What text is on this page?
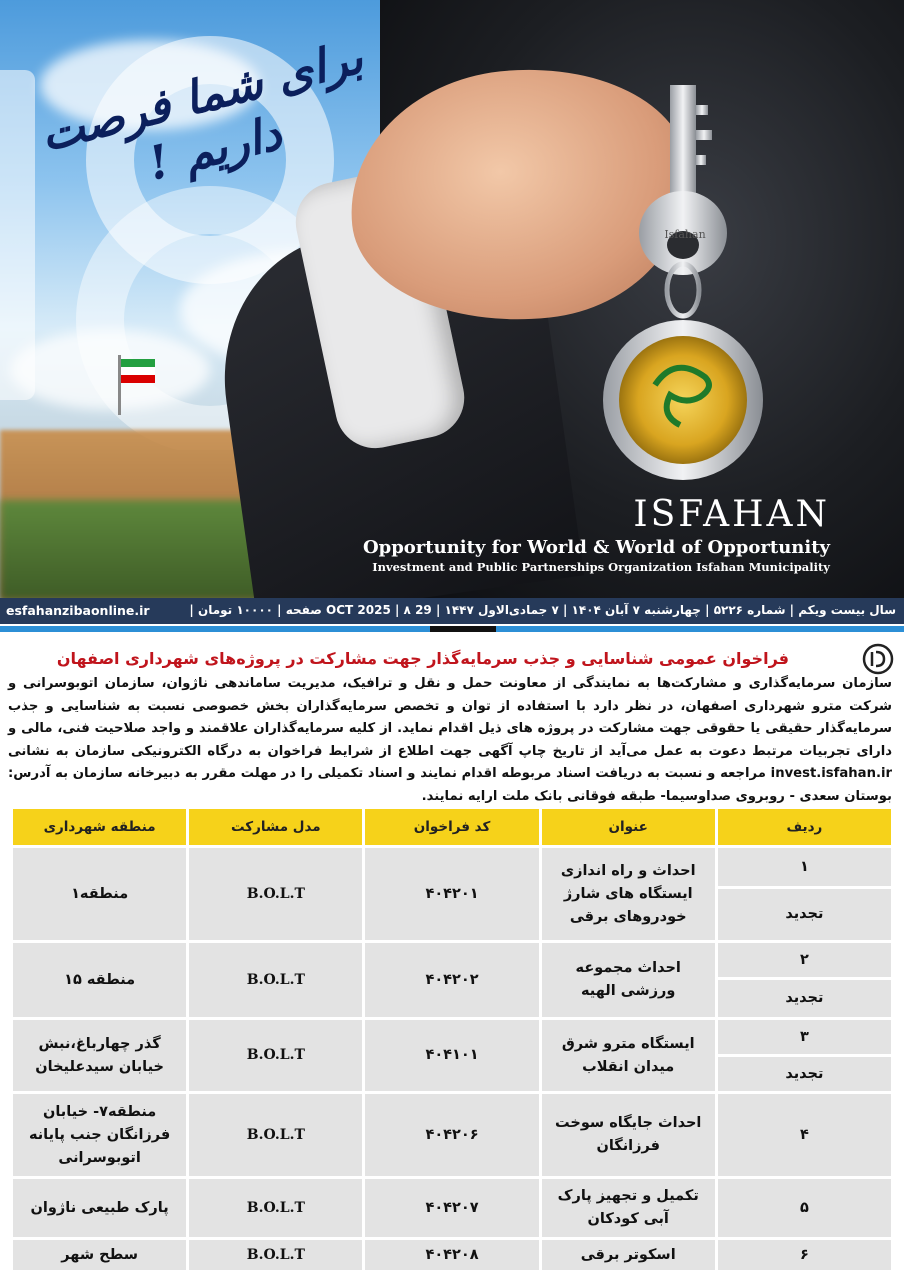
برای شما فرصت داریم !
Isfahan
ISFAHAN
Opportunity for World & World of Opportunity
Investment and Public Partnerships Organization Isfahan Municipality
سال بیست ویکم | شماره ۵۲۲۶ | چهارشنبه ۷ آبان ۱۴۰۴ | ۷ جمادی‌الاول ۱۴۴۷ | 29 OCT 2025 | ۸ صفحه | ۱۰۰۰۰ تومان |
esfahanzibaonline.ir
فراخوان عمومی شناسایی و جذب سرمایه‌گذار جهت مشارکت در پروژه‌های شهرداری اصفهان
سازمان سرمایه‌گذاری و مشارکت‌ها به نمایندگی از معاونت حمل و نقل و ترافیک، مدیریت ساماندهی ناژوان، سازمان اتوبوسرانی و شرکت مترو شهرداری اصفهان، در نظر دارد با استفاده از توان و تخصص سرمایه‌گذاران بخش خصوصی نسبت به شناسایی و جذب سرمایه‌گذار حقیقی یا حقوقی جهت مشارکت در پروژه های ذیل اقدام نماید. از کلیه سرمایه‌گذاران علاقمند و واجد صلاحیت فنی، مالی و دارای تجربیات مرتبط دعوت به عمل می‌آید از تاریخ چاپ آگهی جهت اطلاع از شرایط فراخوان به درگاه الکترونیکی سازمان به نشانی invest.isfahan.ir مراجعه و نسبت به دریافت اسناد مربوطه اقدام نمایند و اسناد تکمیلی را در مهلت مقرر به دبیرخانه سازمان به آدرس: بوستان سعدی - روبروی صداوسیما- طبقه فوقانی بانک ملت ارایه نمایند.
ردیف	عنوان	کد فراخوان	مدل مشارکت	منطقه شهرداری
۱	احداث و راه اندازی ایستگاه های شارژ خودروهای برقی	۴۰۴۲۰۱	B.O.L.T	منطقه۱
تجدید				
۲	احداث مجموعه ورزشی الهیه	۴۰۴۲۰۲	B.O.L.T	منطقه ۱۵
تجدید				
۳	ایستگاه مترو شرق میدان انقلاب	۴۰۴۱۰۱	B.O.L.T	گذر چهارباغ،نبش خیابان سیدعلیخان
تجدید				
۴	احداث جایگاه سوخت فرزانگان	۴۰۴۲۰۶	B.O.L.T	منطقه۷- خیابان فرزانگان جنب پایانه اتوبوسرانی
۵	تکمیل و تجهیز پارک آبی کودکان	۴۰۴۲۰۷	B.O.L.T	پارک طبیعی ناژوان
۶	اسکوتر برقی	۴۰۴۲۰۸	B.O.L.T	سطح شهر
